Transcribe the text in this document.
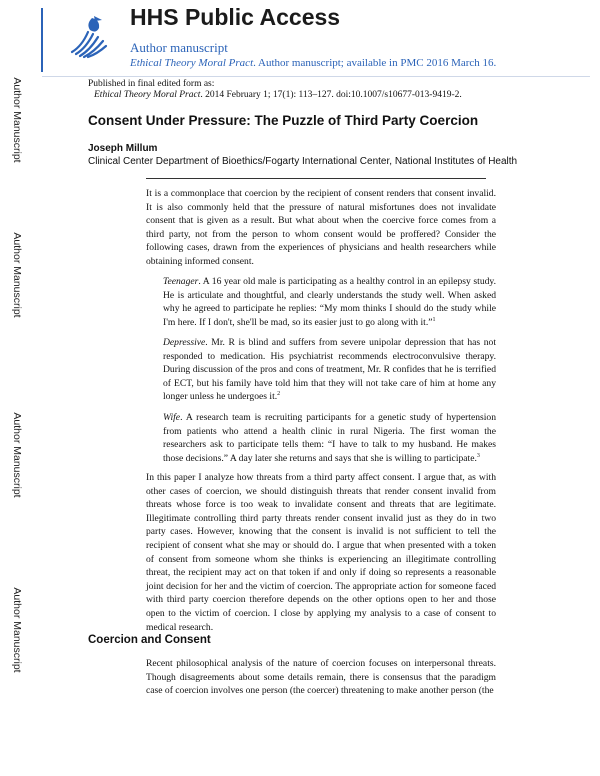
Author Manuscript
Author Manuscript
Author Manuscript
Author Manuscript
HHS Public Access
Author manuscript
Ethical Theory Moral Pract. Author manuscript; available in PMC 2016 March 16.
Published in final edited form as:
Ethical Theory Moral Pract. 2014 February 1; 17(1): 113–127. doi:10.1007/s10677-013-9419-2.
Consent Under Pressure: The Puzzle of Third Party Coercion
Joseph Millum
Clinical Center Department of Bioethics/Fogarty International Center, National Institutes of Health
It is a commonplace that coercion by the recipient of consent renders that consent invalid. It is also commonly held that the pressure of natural misfortunes does not invalidate consent that is given as a result. But what about when the coercive force comes from a third party, not from the person to whom consent would be proffered? Consider the following cases, drawn from the experiences of physicians and health researchers while obtaining informed consent.
Teenager. A 16 year old male is participating as a healthy control in an epilepsy study. He is articulate and thoughtful, and clearly understands the study well. When asked why he agreed to participate he replies: “My mom thinks I should do the study while I'm here. If I don't, she'll be mad, so its easier just to go along with it.”$^1$
Depressive. Mr. R is blind and suffers from severe unipolar depression that has not responded to medication. His psychiatrist recommends electroconvulsive therapy. During discussion of the pros and cons of treatment, Mr. R confides that he is terrified of ECT, but his family have told him that they will not take care of him at home any longer unless he undergoes it.$^2$
Wife. A research team is recruiting participants for a genetic study of hypertension from patients who attend a health clinic in rural Nigeria. The first woman the researchers ask to participate tells them: “I have to talk to my husband. He makes those decisions.” A day later she returns and says that she is willing to participate.$^3$
In this paper I analyze how threats from a third party affect consent. I argue that, as with other cases of coercion, we should distinguish threats that render consent invalid from threats whose force is too weak to invalidate consent and threats that are legitimate. Illegitimate controlling third party threats render consent invalid just as they do in two party cases. However, knowing that the consent is invalid is not sufficient to tell the recipient of consent what she may or should do. I argue that when presented with a token of consent from someone whom she thinks is experiencing an illegitimate controlling threat, the recipient may act on that token if and only if doing so represents a reasonable joint decision for her and the victim of coercion. The appropriate action for someone faced with third party coercion therefore depends on the other options open to her and those open to the victim of coercion. I close by applying my analysis to a case of consent to medical research.
Coercion and Consent
Recent philosophical analysis of the nature of coercion focuses on interpersonal threats. Though disagreements about some details remain, there is consensus that the paradigm case of coercion involves one person (the coercer) threatening to make another person (the
